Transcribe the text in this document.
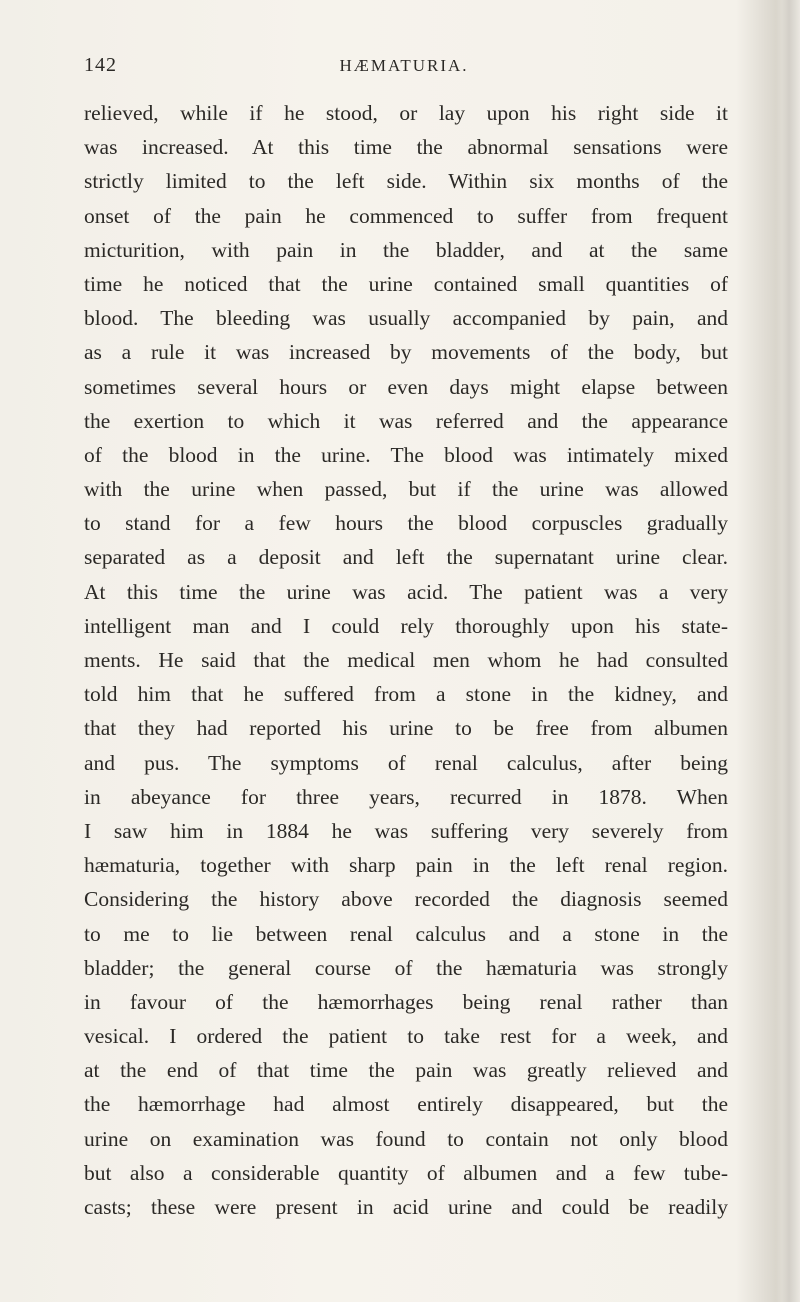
142	HÆMATURIA.
relieved, while if he stood, or lay upon his right side it
was increased. At this time the abnormal sensations were
strictly limited to the left side. Within six months of the
onset of the pain he commenced to suffer from frequent
micturition, with pain in the bladder, and at the same
time he noticed that the urine contained small quantities of
blood. The bleeding was usually accompanied by pain, and
as a rule it was increased by movements of the body, but
sometimes several hours or even days might elapse between
the exertion to which it was referred and the appearance
of the blood in the urine. The blood was intimately mixed
with the urine when passed, but if the urine was allowed
to stand for a few hours the blood corpuscles gradually
separated as a deposit and left the supernatant urine clear.
At this time the urine was acid. The patient was a very
intelligent man and I could rely thoroughly upon his state-
ments. He said that the medical men whom he had consulted
told him that he suffered from a stone in the kidney, and
that they had reported his urine to be free from albumen
and pus. The symptoms of renal calculus, after being
in abeyance for three years, recurred in 1878. When
I saw him in 1884 he was suffering very severely from
hæmaturia, together with sharp pain in the left renal region.
Considering the history above recorded the diagnosis seemed
to me to lie between renal calculus and a stone in the
bladder; the general course of the hæmaturia was strongly
in favour of the hæmorrhages being renal rather than
vesical. I ordered the patient to take rest for a week, and
at the end of that time the pain was greatly relieved and
the hæmorrhage had almost entirely disappeared, but the
urine on examination was found to contain not only blood
but also a considerable quantity of albumen and a few tube-
casts; these were present in acid urine and could be readily
